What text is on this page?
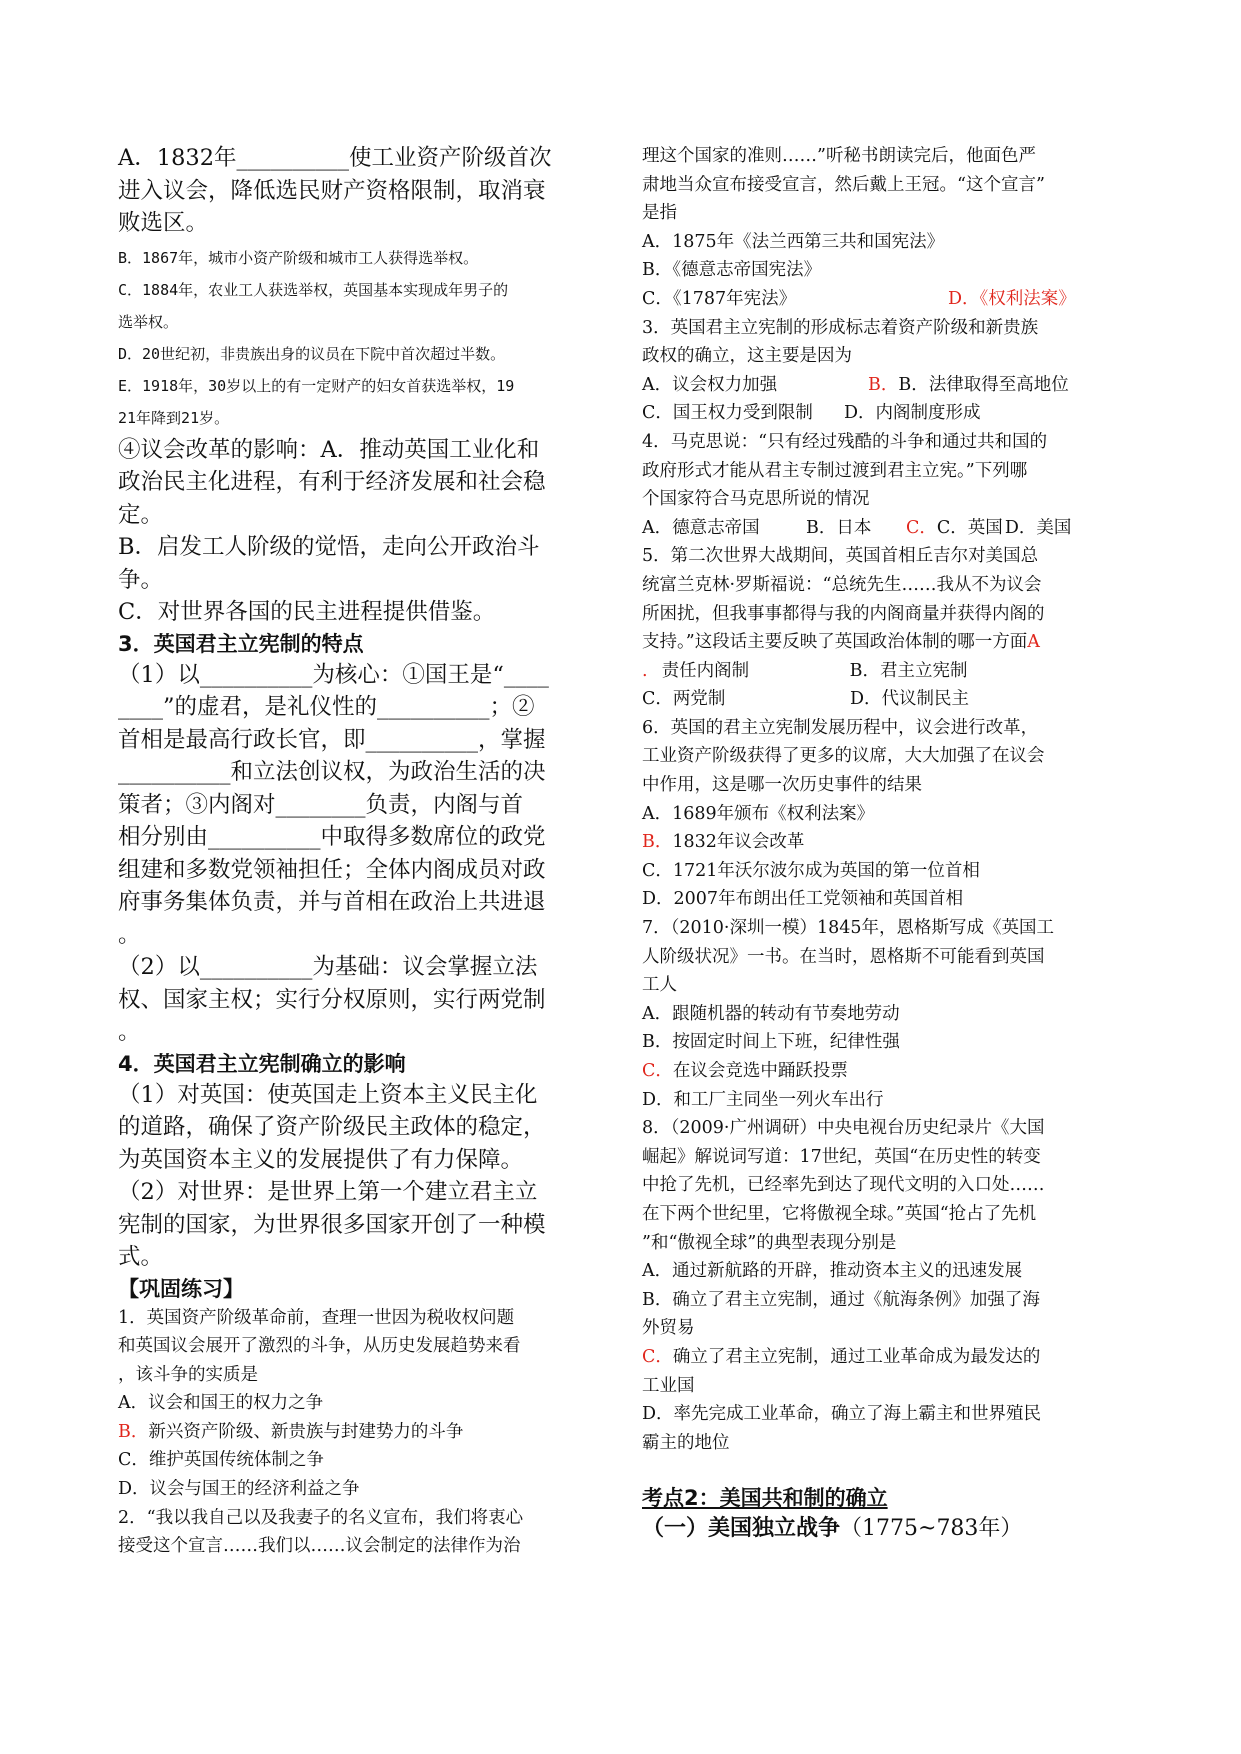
A．1832年__________使工业资产阶级首次
进入议会，降低选民财产资格限制，取消衰
败选区。
B．1867年，城市小资产阶级和城市工人获得选举权。
C．1884年，农业工人获选举权，英国基本实现成年男子的
选举权。
D．20世纪初，非贵族出身的议员在下院中首次超过半数。
E．1918年，30岁以上的有一定财产的妇女首获选举权，19
21年降到21岁。
④议会改革的影响：A．推动英国工业化和
政治民主化进程，有利于经济发展和社会稳
定。
B．启发工人阶级的觉悟，走向公开政治斗
争。
C．对世界各国的民主进程提供借鉴。
3．英国君主立宪制的特点
（1）以__________为核心：①国王是“____
____”的虚君，是礼仪性的__________；②
首相是最高行政长官，即__________，掌握
__________和立法创议权，为政治生活的决
策者；③内阁对________负责，内阁与首
相分别由__________中取得多数席位的政党
组建和多数党领袖担任；全体内阁成员对政
府事务集体负责，并与首相在政治上共进退
。
（2）以__________为基础：议会掌握立法
权、国家主权；实行分权原则，实行两党制
。
4．英国君主立宪制确立的影响
（1）对英国：使英国走上资本主义民主化
的道路，确保了资产阶级民主政体的稳定，
为英国资本主义的发展提供了有力保障。
（2）对世界：是世界上第一个建立君主立
宪制的国家，为世界很多国家开创了一种模
式。
【巩固练习】
1．英国资产阶级革命前，查理一世因为税收权问题
和英国议会展开了激烈的斗争，从历史发展趋势来看
，该斗争的实质是
A．议会和国王的权力之争
B．新兴资产阶级、新贵族与封建势力的斗争
C．维护英国传统体制之争
D．议会与国王的经济利益之争
2．“我以我自己以及我妻子的名义宣布，我们将衷心
接受这个宣言……我们以……议会制定的法律作为治
理这个国家的准则……”听秘书朗读完后，他面色严
肃地当众宣布接受宣言，然后戴上王冠。“这个宣言”
是指
A．1875年《法兰西第三共和国宪法》
B．《德意志帝国宪法》
C．《1787年宪法》	D．《权利法案》
3．英国君主立宪制的形成标志着资产阶级和新贵族
政权的确立，这主要是因为
A．议会权力加强	B．B．法律取得至高地位
C．国王权力受到限制 D．内阁制度形成
4．马克思说：“只有经过残酷的斗争和通过共和国的
政府形式才能从君主专制过渡到君主立宪。”下列哪
个国家符合马克思所说的情况
A．德意志帝国	B．日本 C．C．英国 D．美国
5．第二次世界大战期间，英国首相丘吉尔对美国总
统富兰克林·罗斯福说：“总统先生……我从不为议会
所困扰，但我事事都得与我的内阁商量并获得内阁的
支持。”这段话主要反映了英国政治体制的哪一方面A
. 责任内阁制	B．君主立宪制
C．两党制	D．代议制民主
6．英国的君主立宪制发展历程中，议会进行改革，
工业资产阶级获得了更多的议席，大大加强了在议会
中作用，这是哪一次历史事件的结果
A．1689年颁布《权利法案》
B．1832年议会改革
C．1721年沃尔波尔成为英国的第一位首相
D．2007年布朗出任工党领袖和英国首相
7．（2010·深圳一模）1845年，恩格斯写成《英国工
人阶级状况》一书。在当时，恩格斯不可能看到英国
工人
A．跟随机器的转动有节奏地劳动
B．按固定时间上下班，纪律性强
C．在议会竞选中踊跃投票
D．和工厂主同坐一列火车出行
8．（2009·广州调研）中央电视台历史纪录片《大国
崛起》解说词写道：17世纪，英国“在历史性的转变
中抢了先机，已经率先到达了现代文明的入口处……
在下两个世纪里，它将傲视全球。”英国“抢占了先机
”和“傲视全球”的典型表现分别是
A．通过新航路的开辟，推动资本主义的迅速发展
B．确立了君主立宪制，通过《航海条例》加强了海
外贸易
C．确立了君主立宪制，通过工业革命成为最发达的
工业国
D．率先完成工业革命，确立了海上霸主和世界殖民
霸主的地位
考点2：美国共和制的确立
（一）美国独立战争（1775~783年）
